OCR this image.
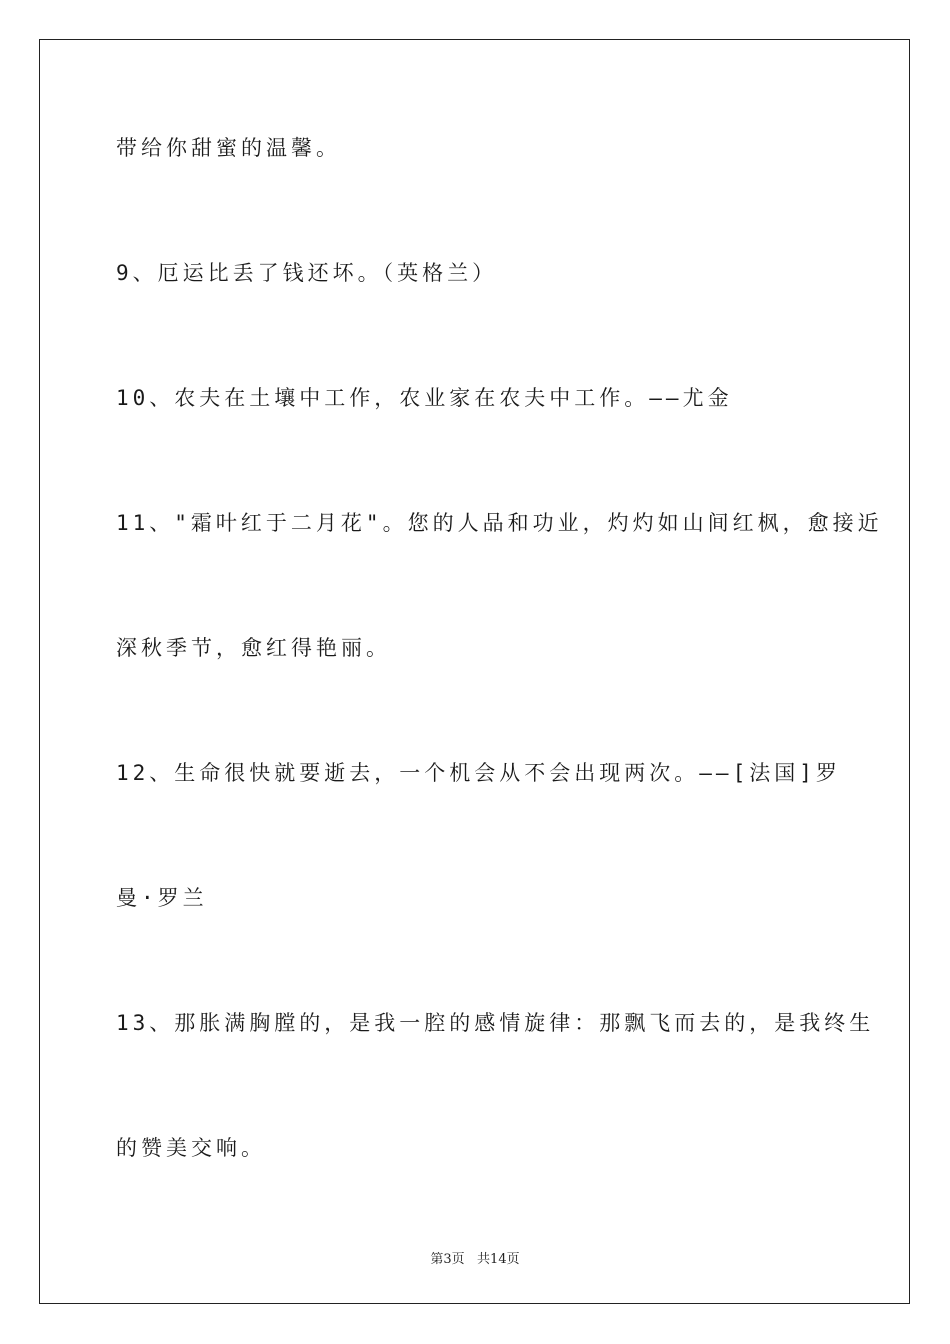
带给你甜蜜的温馨。
9、厄运比丢了钱还坏。（英格兰）
10、农夫在土壤中工作，农业家在农夫中工作。——尤金
11、"霜叶红于二月花"。您的人品和功业，灼灼如山间红枫，愈接近
深秋季节，愈红得艳丽。
12、生命很快就要逝去，一个机会从不会出现两次。——[法国]罗
曼·罗兰
13、那胀满胸膛的，是我一腔的感情旋律：那飘飞而去的，是我终生
的赞美交响。
第3页   共14页
